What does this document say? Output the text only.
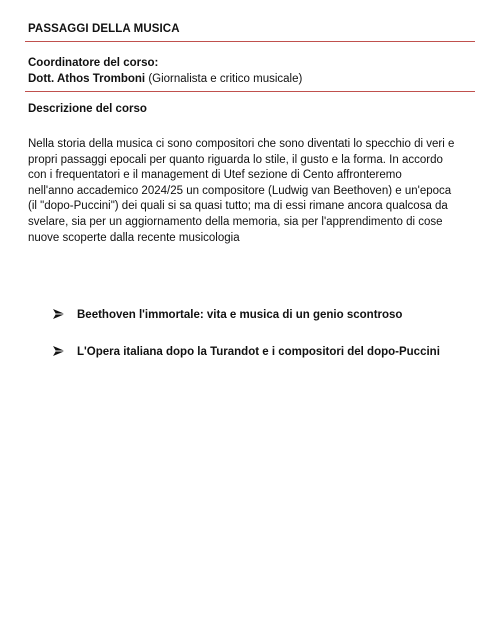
PASSAGGI DELLA MUSICA
Coordinatore del corso:
Dott. Athos Tromboni (Giornalista e critico musicale)
Descrizione del corso

Nella storia della musica ci sono compositori che sono diventati lo specchio di veri e
propri passaggi epocali per quanto riguarda lo stile, il gusto e la forma. In accordo
con i frequentatori e il management di Utef sezione di Cento affronteremo
nell'anno accademico 2024/25 un compositore (Ludwig van Beethoven) e un'epoca
(il "dopo-Puccini") dei quali si sa quasi tutto; ma di essi rimane ancora qualcosa da
svelare, sia per un aggiornamento della memoria, sia per l'apprendimento di cose
nuove scoperte dalla recente musicologia

Beethoven l'immortale: vita e musica di un genio scontroso
L'Opera italiana dopo la Turandot e i compositori del dopo-Puccini
